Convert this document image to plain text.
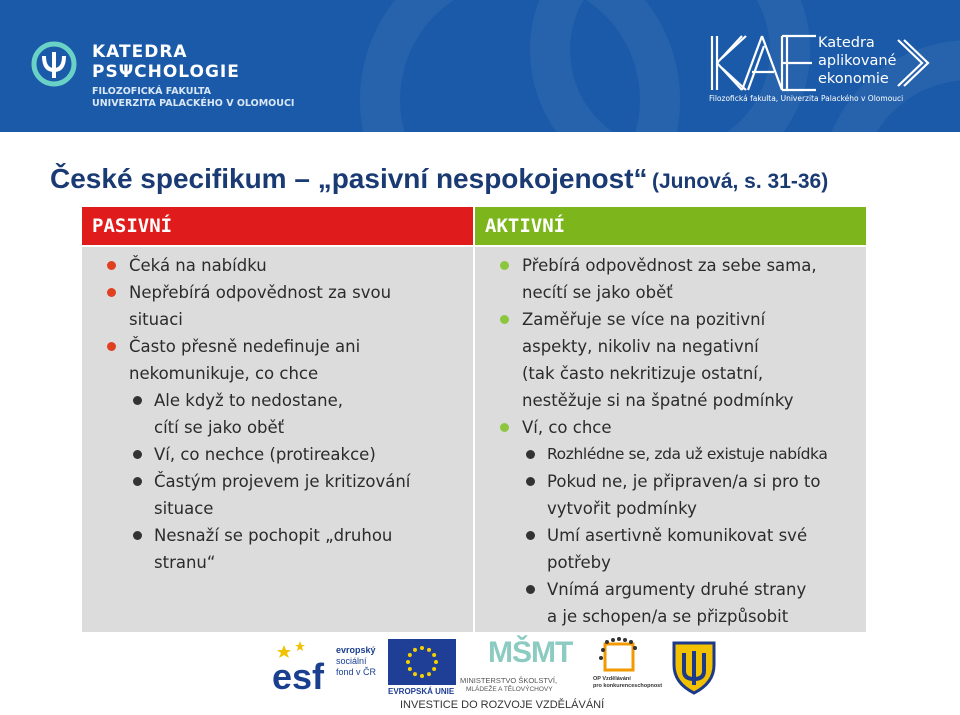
KATEDRA
PSΨCHOLOGIE
FILOZOFICKÁ FAKULTA
UNIVERZITA PALACKÉHO V OLOMOUCI
Katedra
aplikované
ekonomie
Filozofická fakulta, Univerzita Palackého v Olomouci
České specifikum – „pasivní nespokojenost“ (Junová, s. 31-36)
PASIVNÍ
Čeká na nabídku
Nepřebírá odpovědnost za svou
situaci
Často přesně nedefinuje ani
nekomunikuje, co chce
Ale když to nedostane,
cítí se jako oběť
Ví, co nechce (protireakce)
Častým projevem je kritizování
situace
Nesnaží se pochopit „druhou
stranu“
AKTIVNÍ
Přebírá odpovědnost za sebe sama,
necítí se jako oběť
Zaměřuje se více na pozitivní
aspekty, nikoliv na negativní
(tak často nekritizuje ostatní,
nestěžuje si na špatné podmínky
Ví, co chce
Rozhlédne se, zda už existuje nabídka
Pokud ne, je připraven/a si pro to
vytvořit podmínky
Umí asertivně komunikovat své
potřeby
Vnímá argumenty druhé strany
a je schopen/a se přizpůsobit
esf
evropský
sociální
fond v ČR
EVROPSKÁ UNIE
MŠMT
MINISTERSTVO ŠKOLSTVÍ,
MLÁDEŽE A TĚLOVÝCHOVY
OP Vzdělávání
pro konkurenceschopnost
INVESTICE DO ROZVOJE VZDĚLÁVÁNÍ
